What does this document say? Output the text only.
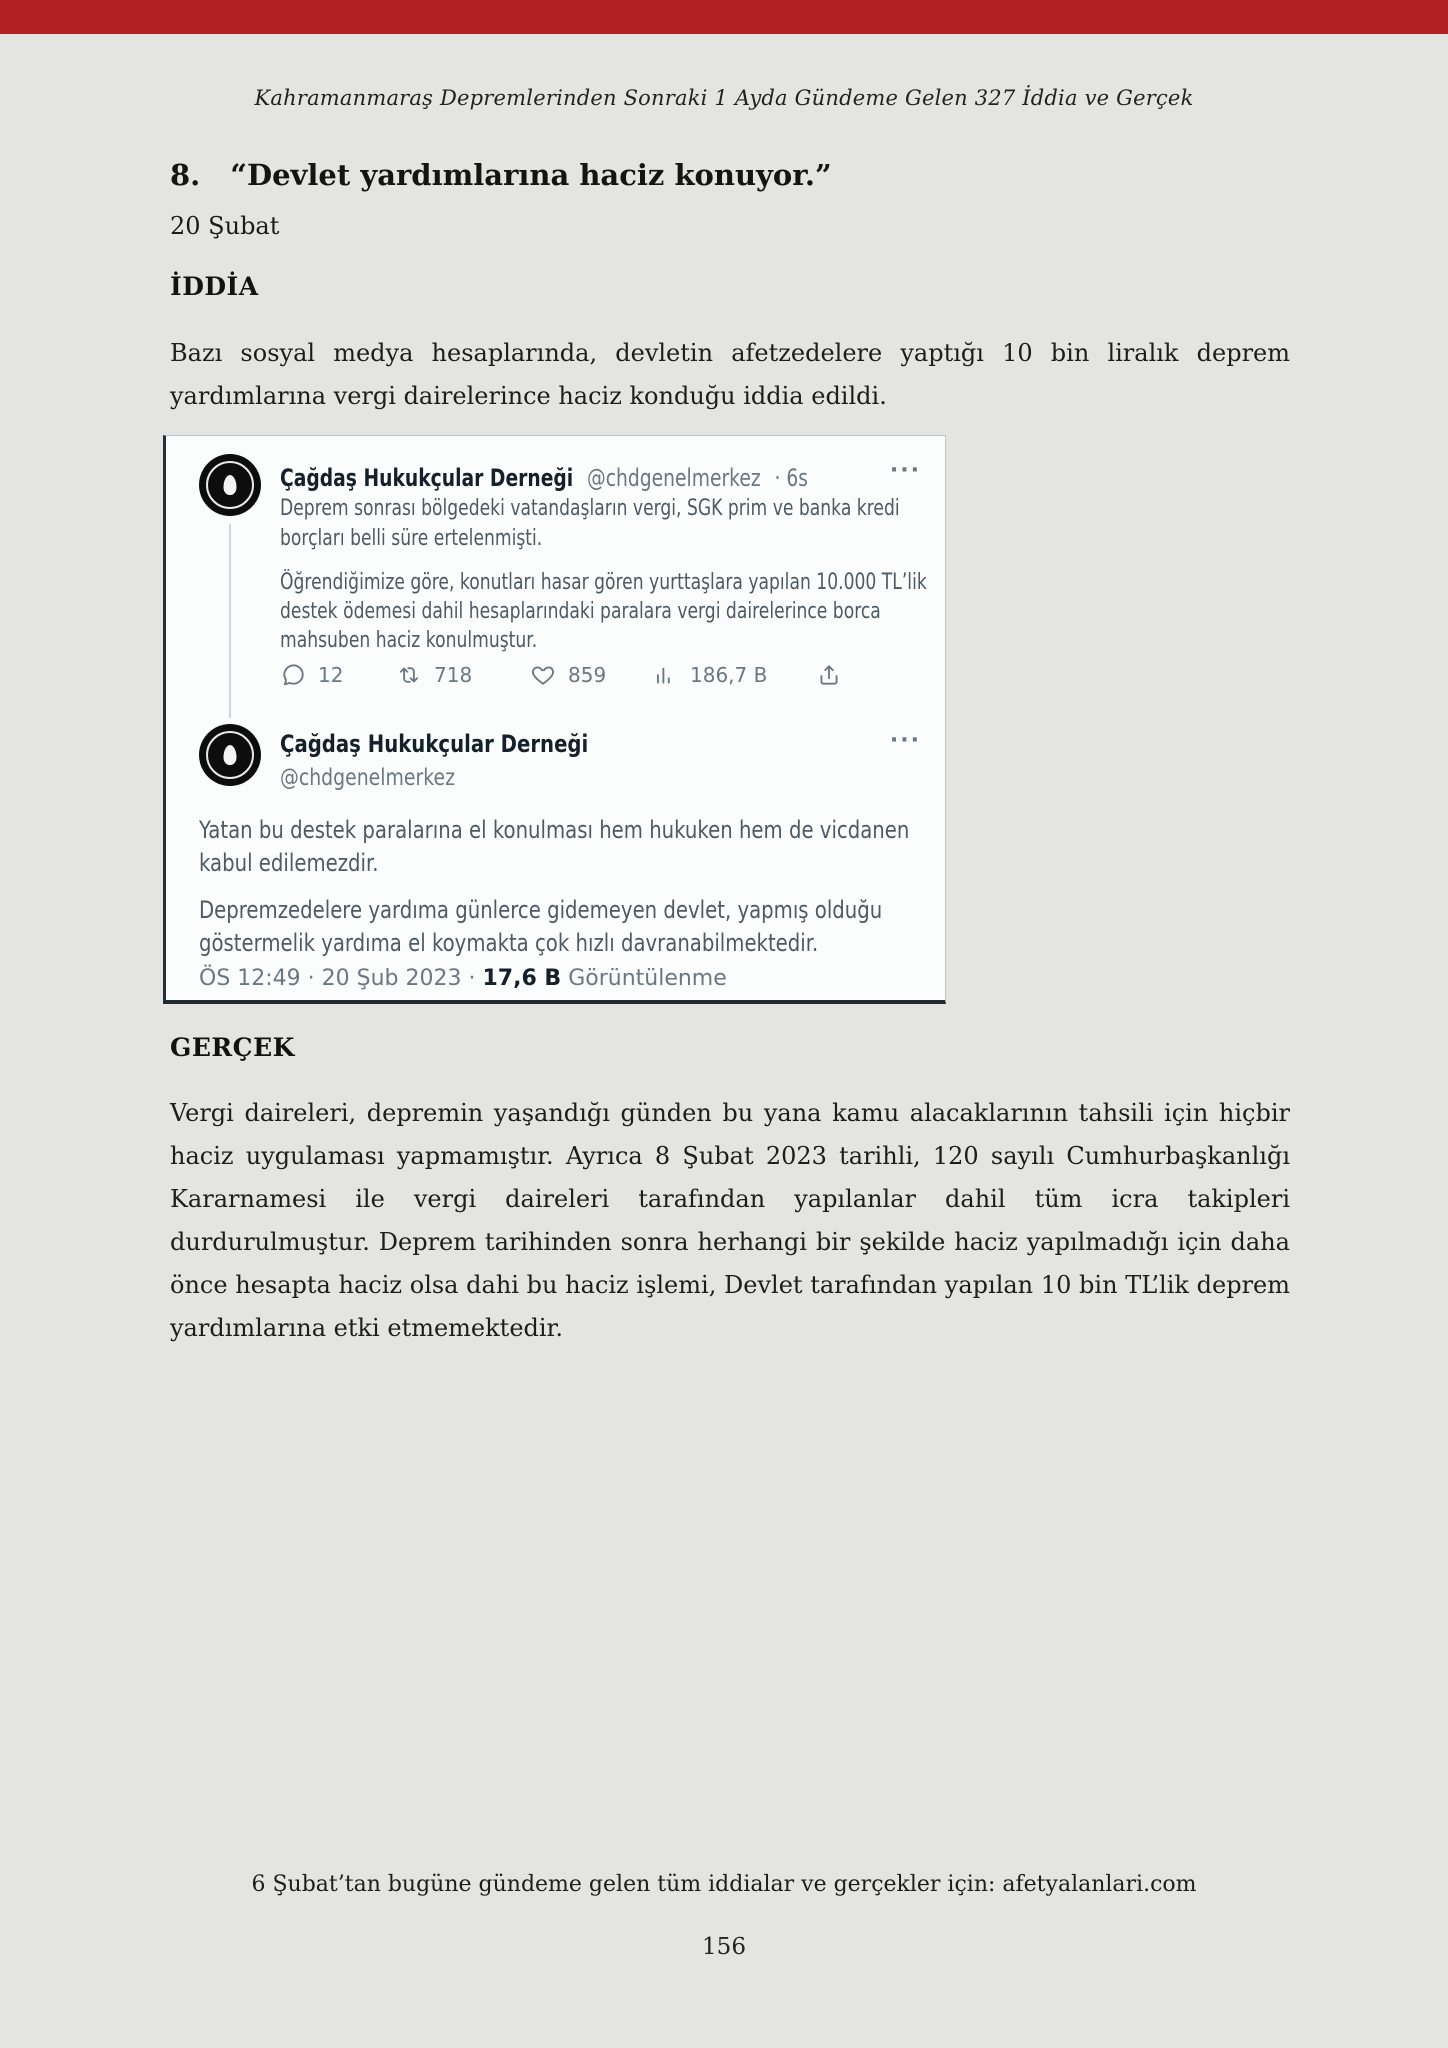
Kahramanmaraş Depremlerinden Sonraki 1 Ayda Gündeme Gelen 327 İddia ve Gerçek
8. “Devlet yardımlarına haciz konuyor.”
20 Şubat
İDDİA

Bazı sosyal medya hesaplarında, devletin afetzedelere yaptığı 10 bin liralık deprem yardımlarına vergi dairelerince haciz konduğu iddia edildi.

Çağdaş Hukukçular Derneği @chdgenelmerkez · 6s	···

Deprem sonrası bölgedeki vatandaşların vergi, SGK prim ve banka kredi borçları belli süre ertelenmişti.

Öğrendiğimize göre, konutları hasar gören yurttaşlara yapılan 10.000 TL’lik destek ödemesi dahil hesaplarındaki paralara vergi dairelerince borca mahsuben haciz konulmuştur.

12	718	859	186,7 B
Çağdaş Hukukçular Derneği
@chdgenelmerkez
···

Yatan bu destek paralarına el konulması hem hukuken hem de vicdanen kabul edilemezdir.

Depremzedelere yardıma günlerce gidemeyen devlet, yapmış olduğu göstermelik yardıma el koymakta çok hızlı davranabilmektedir.

ÖS 12:49 · 20 Şub 2023 · 17,6 B Görüntülenme
GERÇEK

Vergi daireleri, depremin yaşandığı günden bu yana kamu alacaklarının tahsili için hiçbir haciz uygulaması yapmamıştır. Ayrıca 8 Şubat 2023 tarihli, 120 sayılı Cumhurbaşkanlığı Kararnamesi ile vergi daireleri tarafından yapılanlar dahil tüm icra takipleri durdurulmuştur. Deprem tarihinden sonra herhangi bir şekilde haciz yapılmadığı için daha önce hesapta haciz olsa dahi bu haciz işlemi, Devlet tarafından yapılan 10 bin TL’lik deprem yardımlarına etki etmemektedir.

6 Şubat’tan bugüne gündeme gelen tüm iddialar ve gerçekler için: afetyalanlari.com
156
